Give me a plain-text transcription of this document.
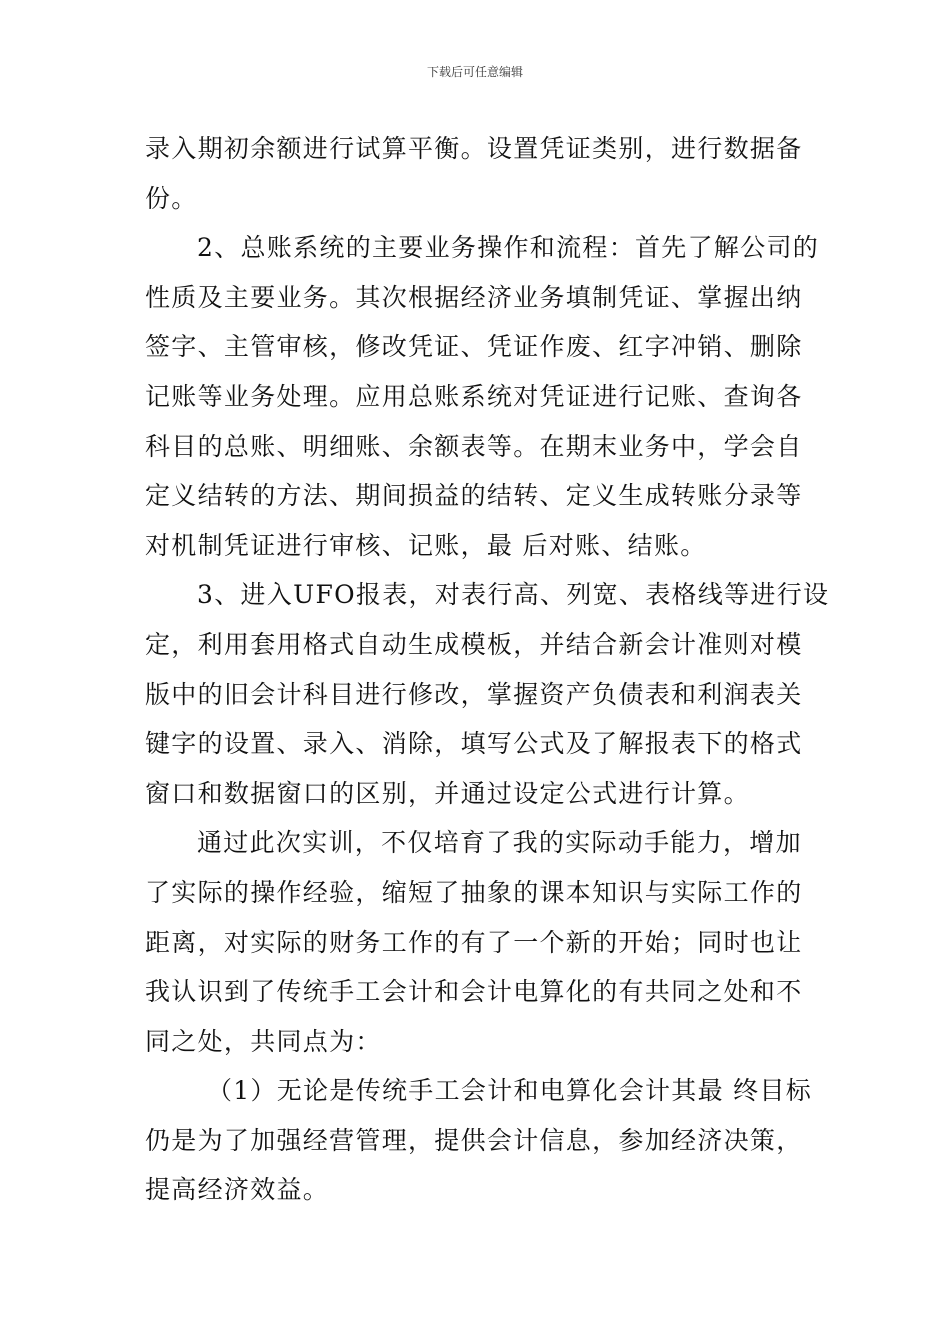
下载后可任意编辑
录入期初余额进行试算平衡。设置凭证类别，进行数据备
份。
2、总账系统的主要业务操作和流程：首先了解公司的
性质及主要业务。其次根据经济业务填制凭证、掌握出纳
签字、主管审核，修改凭证、凭证作废、红字冲销、删除
记账等业务处理。应用总账系统对凭证进行记账、查询各
科目的总账、明细账、余额表等。在期末业务中，学会自
定义结转的方法、期间损益的结转、定义生成转账分录等
对机制凭证进行审核、记账，最 后对账、结账。
3、进入UFO报表，对表行高、列宽、表格线等进行设
定，利用套用格式自动生成模板，并结合新会计准则对模
版中的旧会计科目进行修改，掌握资产负债表和利润表关
键字的设置、录入、消除，填写公式及了解报表下的格式
窗口和数据窗口的区别，并通过设定公式进行计算。
通过此次实训，不仅培育了我的实际动手能力，增加
了实际的操作经验，缩短了抽象的课本知识与实际工作的
距离，对实际的财务工作的有了一个新的开始；同时也让
我认识到了传统手工会计和会计电算化的有共同之处和不
同之处，共同点为：
（1）无论是传统手工会计和电算化会计其最 终目标
仍是为了加强经营管理，提供会计信息，参加经济决策，
提高经济效益。
